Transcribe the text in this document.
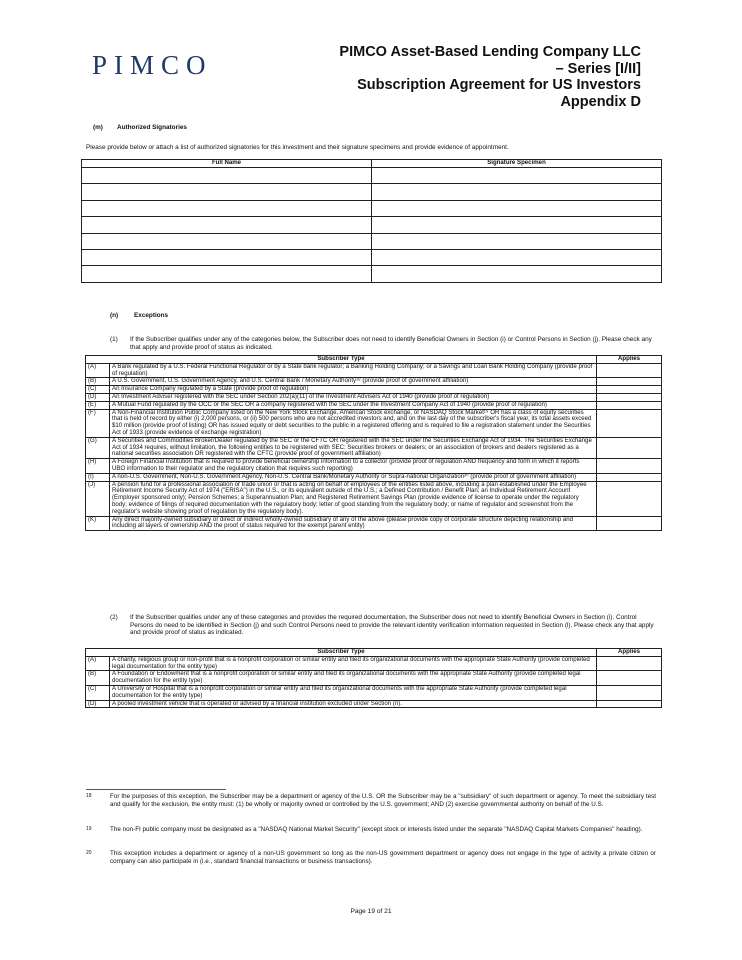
PIMCO	PIMCO Asset-Based Lending Company LLC
– Series [I/II]
Subscription Agreement for US Investors
Appendix D
(m) Authorized Signatories
Please provide below or attach a list of authorized signatories for this investment and their signature specimens and provide evidence of appointment.
Full Name	Signature Specimen

(n) Exceptions
(1) If the Subscriber qualifies under any of the categories below, the Subscriber does not need to identify Beneficial Owners in Section (i) or Control Persons in Section (j). Please check any that apply and provide proof of status as indicated.
Subscriber Type		Applies
(A)	A Bank regulated by a U.S. Federal Functional Regulator or by a State bank regulator; a Banking Holding Company; or a Savings and Loan Bank Holding Company (provide proof of regulation)	
(B)	A U.S. Government, U.S. Government Agency, and U.S. Central Bank / Monetary Authority¹⁸ (provide proof of government affiliation)	
(C)	An Insurance Company regulated by a State (provide proof of regulation)	
(D)	An Investment Adviser registered with the SEC under Section 202(a)(11) of the Investment Advisers Act of 1940 (provide proof of regulation)	
(E)	A Mutual Fund regulated by the OCC or the SEC OR a company registered with the SEC under the Investment Company Act of 1940 (provide proof of regulation)	
(F)	A Non-Financial Institution Public Company listed on the New York Stock Exchange, American Stock exchange, or NASDAQ Stock Market¹⁹ OR has a class of equity securities that is held of record by either (i) 2,000 persons, or (ii) 500 persons who are not accredited investors and, and on the last day of the subscriber's fiscal year, its total assets exceed $10 million (provide proof of listing) OR has issued equity or debt securities to the public in a registered offering and is required to file a registration statement under the Securities Act of 1933 (provide evidence of exchange registration)	
(G)	A Securities and Commodities Broker/Dealer regulated by the SEC or the CFTC OR registered with the SEC under the Securities Exchange Act of 1934. The Securities Exchange Act of 1934 requires, without limitation, the following entities to be registered with SEC: Securities brokers or dealers; or an association of brokers and dealers registered as a national securities association OR registered with the CFTC (provide proof of government affiliation)	
(H)	A Foreign Financial Institution that is required to provide beneficial ownership information to a collector (provide proof of regulation AND frequency and form in which it reports UBO information to their regulator and the regulatory citation that requires such reporting)	
(I)	A non-U.S. Government, Non-U.S. Government Agency, Non-U.S. Central Bank/Monetary Authority or Supra-national Organization²⁰ (provide proof of government affiliation)	
(J)	A pension fund for a professional association or trade union or that is acting on behalf of employees of the entities listed above, including a plan established under the Employee Retirement Income Security Act of 1974 ("ERISA") in the U.S., or its equivalent outside of the U.S.; a Defined Contribution / Benefit Plan; an Individual Retirement Account (Employer sponsored only); Pension Schemes; a Superannuation Plan; and Registered Retirement Savings Plan (provide evidence of license to operate under the regulatory body; evidence of filings of required documentation with the regulatory body; letter of good standing from the regulatory body; or name of regulator and screenshot from the regulator's website showing proof of regulation by the regulatory body).	
(K)	Any direct majority-owned subsidiary or direct or indirect wholly-owned subsidiary of any of the above (please provide copy of corporate structure depicting relationship and including all layers of ownership AND the proof of status required for the exempt parent entity)	
(2) If the Subscriber qualifies under any of these categories and provides the required documentation, the Subscriber does not need to identify Beneficial Owners in Section (i). Control Persons do need to be identified in Section (j) and such Control Persons need to provide the relevant identity verification information requested in Section (l). Please check any that apply and provide proof of status as indicated.
Subscriber Type		Applies
(A)	A charity, religious group or non-profit that is a nonprofit corporation or similar entity and filed its organizational documents with the appropriate State Authority (provide completed legal documentation for the entity type)	
(B)	A Foundation or Endowment that is a nonprofit corporation or similar entity and filed its organizational documents with the appropriate State Authority (provide completed legal documentation for the entity type)	
(C)	A University or Hospital that is a nonprofit corporation or similar entity and filed its organizational documents with the appropriate State Authority (provide completed legal documentation for the entity type)	
(D)	A pooled investment vehicle that is operated or advised by a financial institution excluded under Section (n).	
18	For the purposes of this exception, the Subscriber may be a department or agency of the U.S. OR the Subscriber may be a "subsidiary" of such department or agency. To meet the subsidiary test and qualify for the exclusion, the entity must: (1) be wholly or majority owned or controlled by the U.S. government; AND (2) exercise governmental authority on behalf of the U.S.
19	The non-FI public company must be designated as a "NASDAQ National Market Security" (except stock or interests listed under the separate "NASDAQ Capital Markets Companies" heading).
20	This exception includes a department or agency of a non-US government so long as the non-US government department or agency does not engage in the type of activity a private citizen or company can also participate in (i.e., standard financial transactions or business transactions).
Page 19 of 21
